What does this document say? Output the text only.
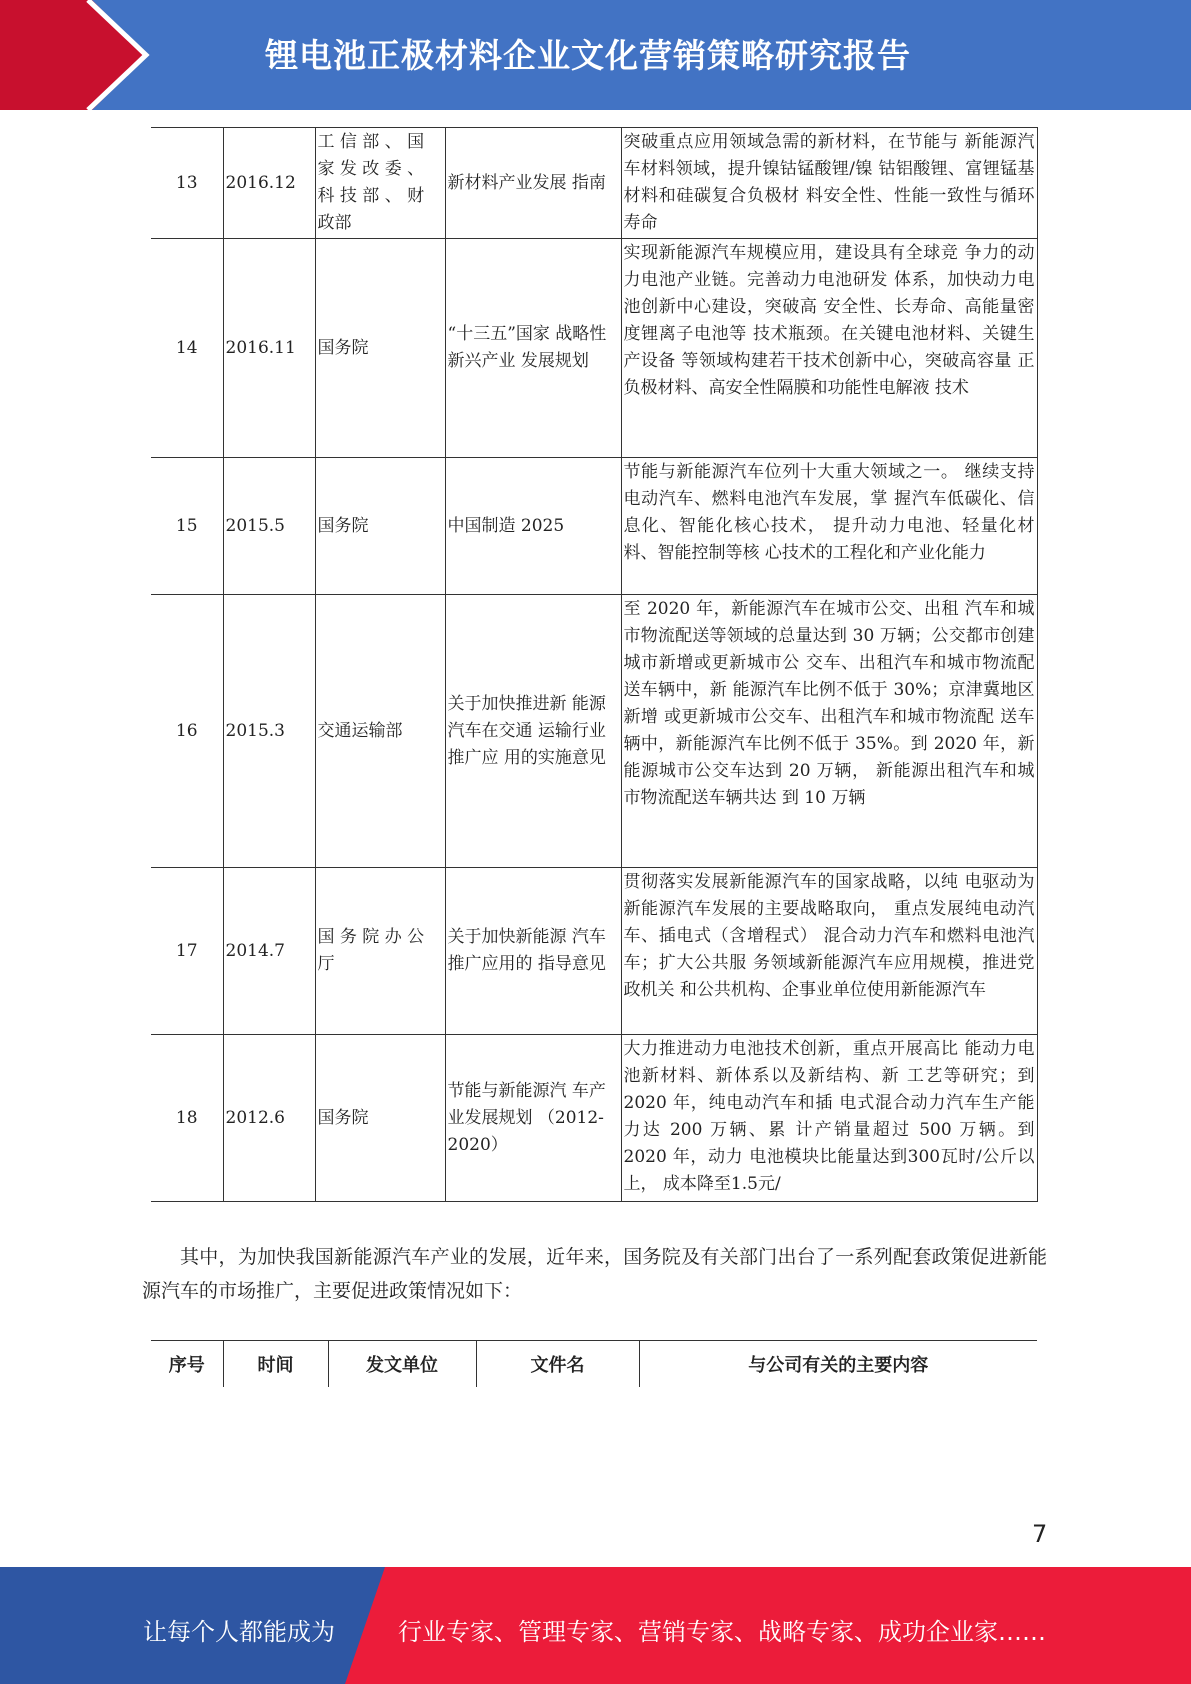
锂电池正极材料企业文化营销策略研究报告
13	2016.12	工 信 部 、 国 家 发 改 委 、 科 技 部 、 财 政部	新材料产业发展 指南	突破重点应用领域急需的新材料，在节能与 新能源汽车材料领域，提升镍钴锰酸锂/镍 钴铝酸锂、富锂锰基材料和硅碳复合负极材 料安全性、性能一致性与循环寿命
14	2016.11	国务院	“十三五”国家 战略性新兴产业 发展规划	实现新能源汽车规模应用，建设具有全球竞 争力的动力电池产业链。完善动力电池研发 体系，加快动力电池创新中心建设，突破高 安全性、长寿命、高能量密度锂离子电池等 技术瓶颈。在关键电池材料、关键生产设备 等领域构建若干技术创新中心，突破高容量 正负极材料、高安全性隔膜和功能性电解液 技术
15	2015.5	国务院	中国制造 2025	节能与新能源汽车位列十大重大领域之一。 继续支持电动汽车、燃料电池汽车发展，掌 握汽车低碳化、信息化、智能化核心技术， 提升动力电池、轻量化材料、智能控制等核 心技术的工程化和产业化能力
16	2015.3	交通运输部	关于加快推进新 能源汽车在交通 运输行业推广应 用的实施意见	至 2020 年，新能源汽车在城市公交、出租 汽车和城市物流配送等领域的总量达到 30 万辆；公交都市创建城市新增或更新城市公 交车、出租汽车和城市物流配送车辆中，新 能源汽车比例不低于 30%；京津冀地区新增 或更新城市公交车、出租汽车和城市物流配 送车辆中，新能源汽车比例不低于 35%。到 2020 年，新能源城市公交车达到 20 万辆， 新能源出租汽车和城市物流配送车辆共达 到 10 万辆
17	2014.7	国 务 院 办 公 厅	关于加快新能源 汽车推广应用的 指导意见	贯彻落实发展新能源汽车的国家战略，以纯 电驱动为新能源汽车发展的主要战略取向， 重点发展纯电动汽车、插电式（含增程式） 混合动力汽车和燃料电池汽车；扩大公共服 务领域新能源汽车应用规模，推进党政机关 和公共机构、企事业单位使用新能源汽车
18	2012.6	国务院	节能与新能源汽 车产业发展规划 （2012-2020）	大力推进动力电池技术创新，重点开展高比 能动力电池新材料、新体系以及新结构、新 工艺等研究；到 2020 年，纯电动汽车和插 电式混合动力汽车生产能力达 200 万辆、累 计产销量超过 500 万辆。到 2020 年，动力 电池模块比能量达到300瓦时/公斤以上， 成本降至1.5元/
其中，为加快我国新能源汽车产业的发展，近年来，国务院及有关部门出台了一系列配套政策促进新能源汽车的市场推广，主要促进政策情况如下：
序号	时间	发文单位	文件名	与公司有关的主要内容
7
让每个人都能成为	行业专家、管理专家、营销专家、战略专家、成功企业家……
